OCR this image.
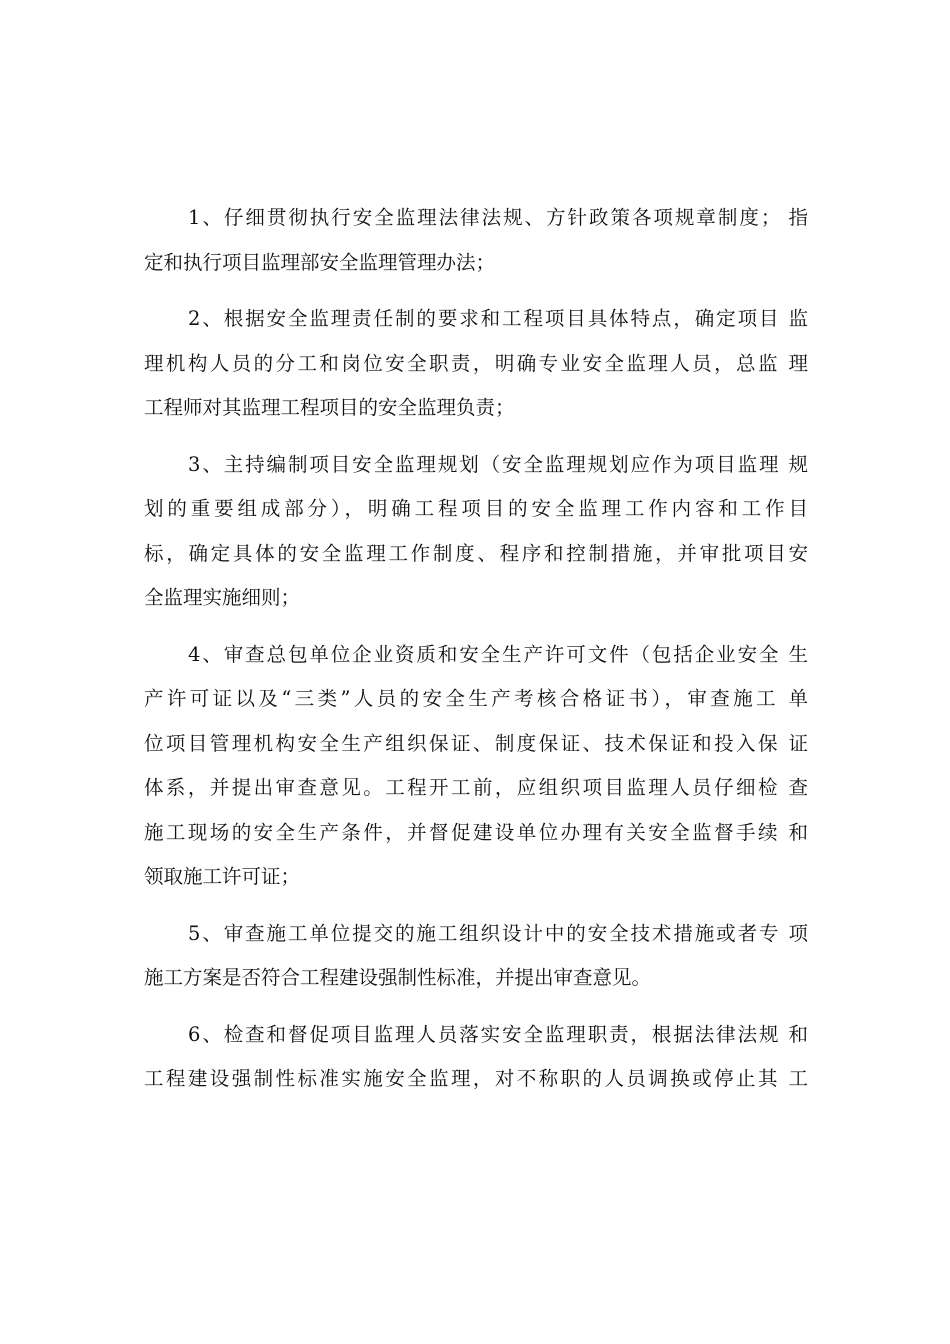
1、仔细贯彻执行安全监理法律法规、方针政策各项规章制度； 指
定和执行项目监理部安全监理管理办法；
2、根据安全监理责任制的要求和工程项目具体特点，确定项目 监
理机构人员的分工和岗位安全职责，明确专业安全监理人员，总监 理
工程师对其监理工程项目的安全监理负责；
3、主持编制项目安全监理规划（安全监理规划应作为项目监理 规
划的重要组成部分），明确工程项目的安全监理工作内容和工作目
标，确定具体的安全监理工作制度、程序和控制措施，并审批项目安
全监理实施细则；
4、审查总包单位企业资质和安全生产许可文件（包括企业安全 生
产许可证以及“三类”人员的安全生产考核合格证书），审查施工 单
位项目管理机构安全生产组织保证、制度保证、技术保证和投入保 证
体系，并提出审查意见。工程开工前，应组织项目监理人员仔细检 查
施工现场的安全生产条件，并督促建设单位办理有关安全监督手续 和
领取施工许可证；
5、审查施工单位提交的施工组织设计中的安全技术措施或者专 项
施工方案是否符合工程建设强制性标准，并提出审查意见。
6、检查和督促项目监理人员落实安全监理职责，根据法律法规 和
工程建设强制性标准实施安全监理，对不称职的人员调换或停止其 工
